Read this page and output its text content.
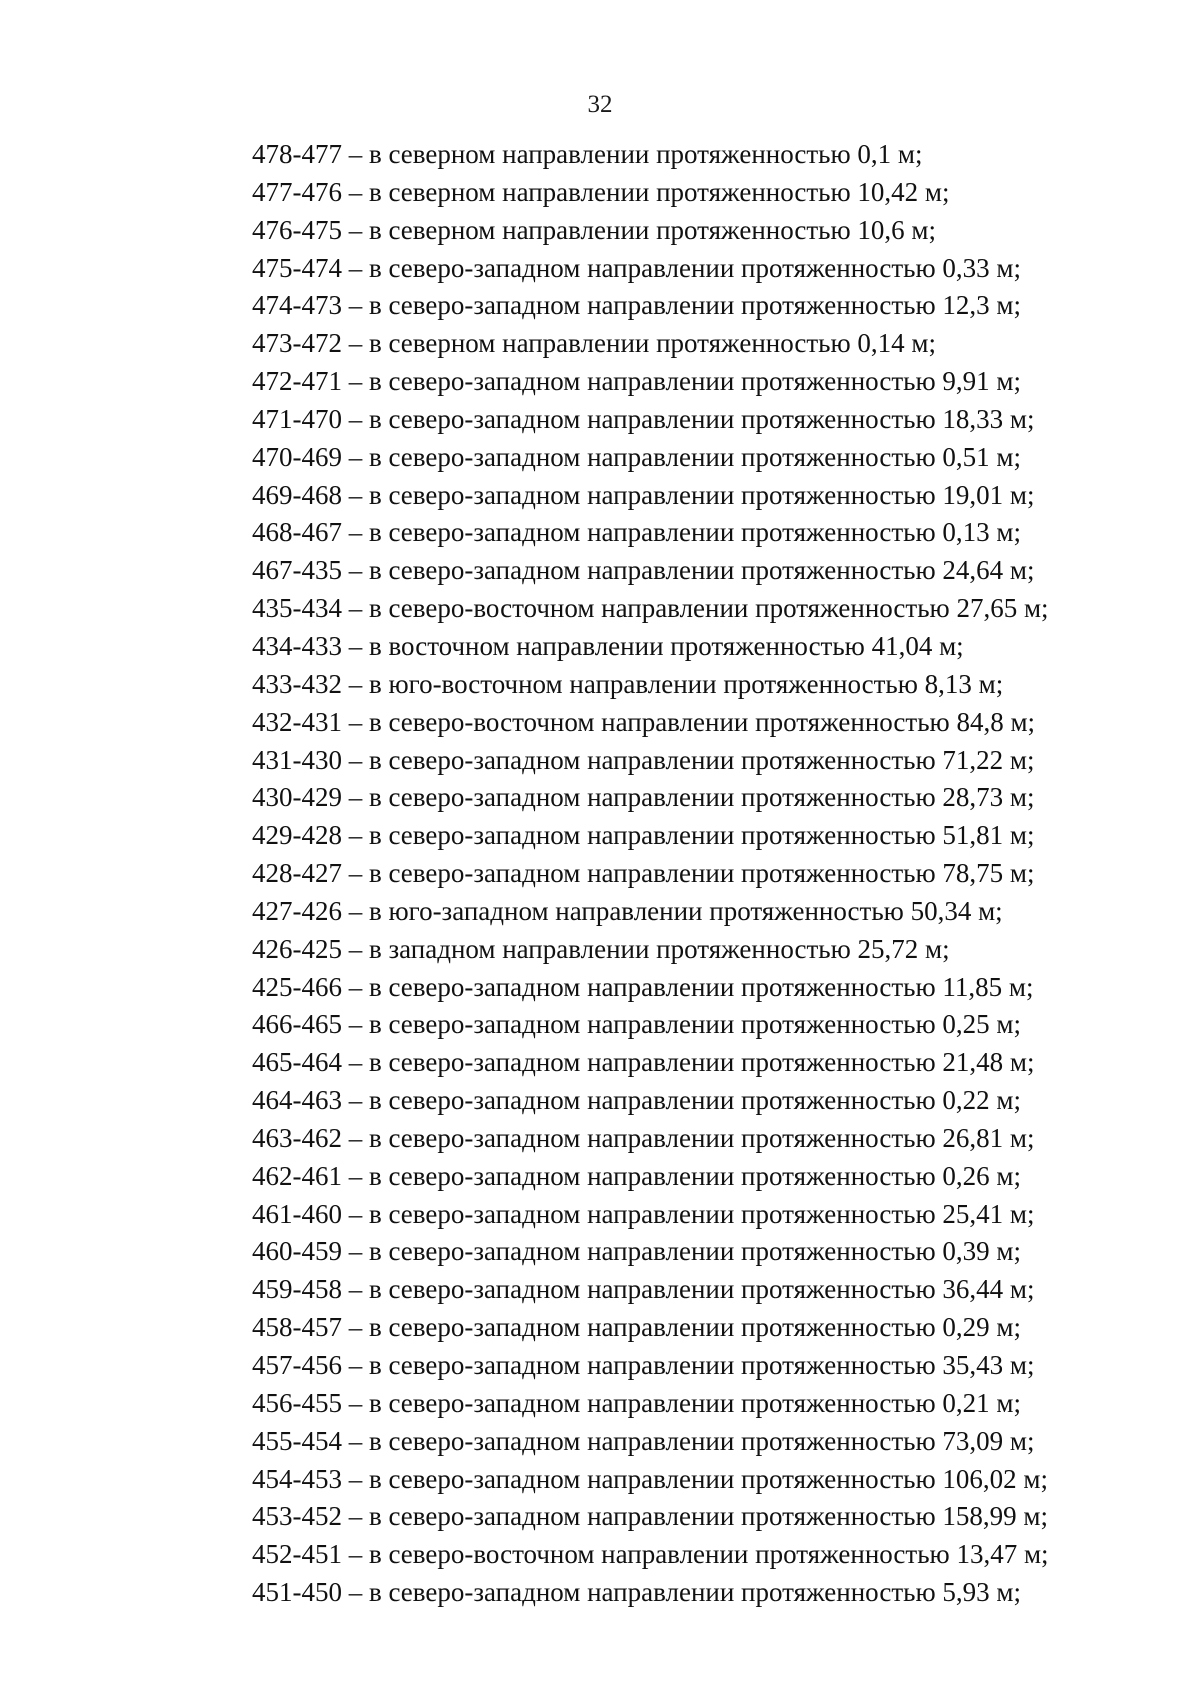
32
478-477 – в северном направлении протяженностью 0,1 м;
477-476 – в северном направлении протяженностью 10,42 м;
476-475 – в северном направлении протяженностью 10,6 м;
475-474 – в северо-западном направлении протяженностью 0,33 м;
474-473 – в северо-западном направлении протяженностью 12,3 м;
473-472 – в северном направлении протяженностью 0,14 м;
472-471 – в северо-западном направлении протяженностью 9,91 м;
471-470 – в северо-западном направлении протяженностью 18,33 м;
470-469 – в северо-западном направлении протяженностью 0,51 м;
469-468 – в северо-западном направлении протяженностью 19,01 м;
468-467 – в северо-западном направлении протяженностью 0,13 м;
467-435 – в северо-западном направлении протяженностью 24,64 м;
435-434 – в северо-восточном направлении протяженностью 27,65 м;
434-433 – в восточном направлении протяженностью 41,04 м;
433-432 – в юго-восточном направлении протяженностью 8,13 м;
432-431 – в северо-восточном направлении протяженностью 84,8 м;
431-430 – в северо-западном направлении протяженностью 71,22 м;
430-429 – в северо-западном направлении протяженностью 28,73 м;
429-428 – в северо-западном направлении протяженностью 51,81 м;
428-427 – в северо-западном направлении протяженностью 78,75 м;
427-426 – в юго-западном направлении протяженностью 50,34 м;
426-425 – в западном направлении протяженностью 25,72 м;
425-466 – в северо-западном направлении протяженностью 11,85 м;
466-465 – в северо-западном направлении протяженностью 0,25 м;
465-464 – в северо-западном направлении протяженностью 21,48 м;
464-463 – в северо-западном направлении протяженностью 0,22 м;
463-462 – в северо-западном направлении протяженностью 26,81 м;
462-461 – в северо-западном направлении протяженностью 0,26 м;
461-460 – в северо-западном направлении протяженностью 25,41 м;
460-459 – в северо-западном направлении протяженностью 0,39 м;
459-458 – в северо-западном направлении протяженностью 36,44 м;
458-457 – в северо-западном направлении протяженностью 0,29 м;
457-456 – в северо-западном направлении протяженностью 35,43 м;
456-455 – в северо-западном направлении протяженностью 0,21 м;
455-454 – в северо-западном направлении протяженностью 73,09 м;
454-453 – в северо-западном направлении протяженностью 106,02 м;
453-452 – в северо-западном направлении протяженностью 158,99 м;
452-451 – в северо-восточном направлении протяженностью 13,47 м;
451-450 – в северо-западном направлении протяженностью 5,93 м;
